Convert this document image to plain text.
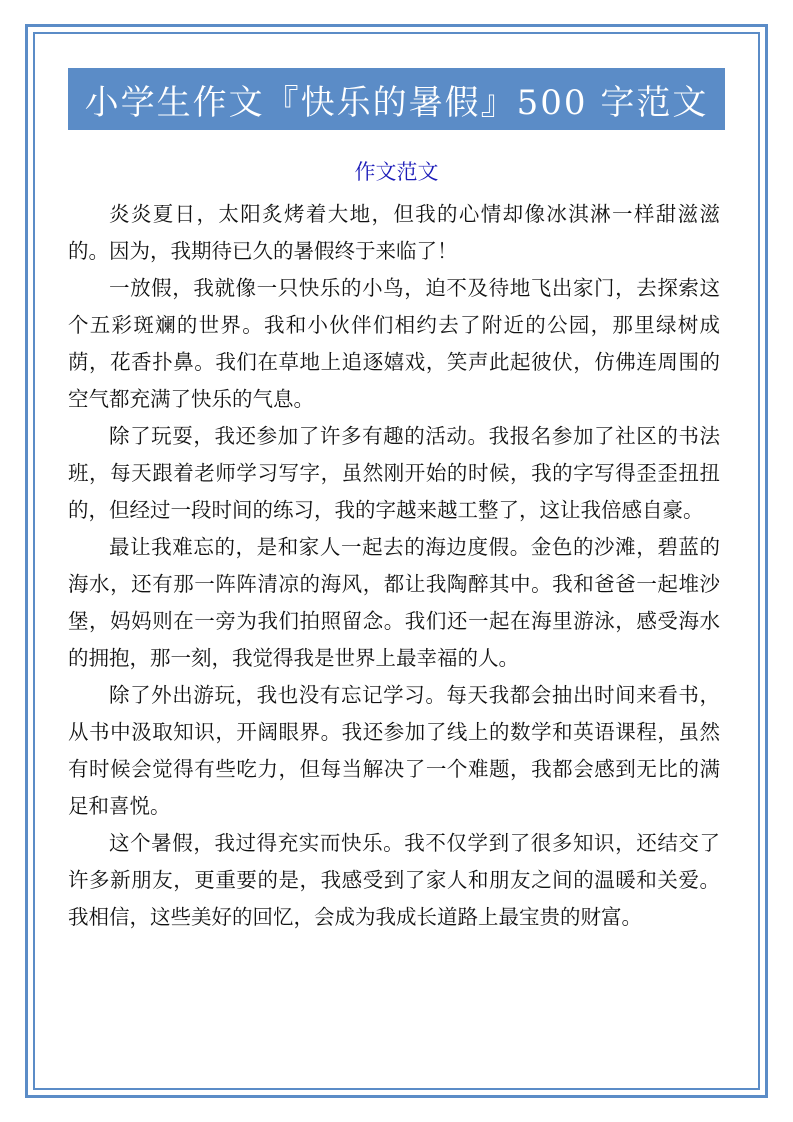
小学生作文『快乐的暑假』500 字范文
作文范文

炎炎夏日，太阳炙烤着大地，但我的心情却像冰淇淋一样甜滋滋的。因为，我期待已久的暑假终于来临了！

一放假，我就像一只快乐的小鸟，迫不及待地飞出家门，去探索这个五彩斑斓的世界。我和小伙伴们相约去了附近的公园，那里绿树成荫，花香扑鼻。我们在草地上追逐嬉戏，笑声此起彼伏，仿佛连周围的空气都充满了快乐的气息。

除了玩耍，我还参加了许多有趣的活动。我报名参加了社区的书法班，每天跟着老师学习写字，虽然刚开始的时候，我的字写得歪歪扭扭的，但经过一段时间的练习，我的字越来越工整了，这让我倍感自豪。

最让我难忘的，是和家人一起去的海边度假。金色的沙滩，碧蓝的海水，还有那一阵阵清凉的海风，都让我陶醉其中。我和爸爸一起堆沙堡，妈妈则在一旁为我们拍照留念。我们还一起在海里游泳，感受海水的拥抱，那一刻，我觉得我是世界上最幸福的人。

除了外出游玩，我也没有忘记学习。每天我都会抽出时间来看书，从书中汲取知识，开阔眼界。我还参加了线上的数学和英语课程，虽然有时候会觉得有些吃力，但每当解决了一个难题，我都会感到无比的满足和喜悦。

这个暑假，我过得充实而快乐。我不仅学到了很多知识，还结交了许多新朋友，更重要的是，我感受到了家人和朋友之间的温暖和关爱。我相信，这些美好的回忆，会成为我成长道路上最宝贵的财富。
